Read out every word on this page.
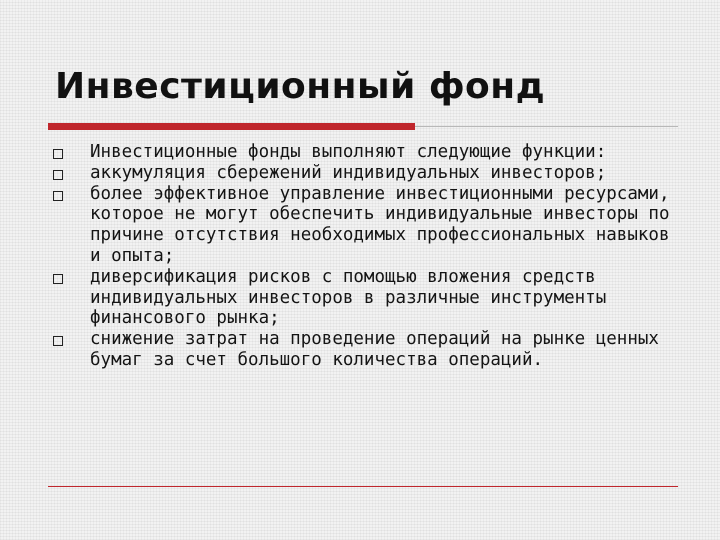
Инвестиционный фонд
Инвестиционные фонды выполняют следующие функции:
аккумуляция сбережений индивидуальных инвесторов;
более эффективное управление инвестиционными ресурсами, которое не могут обеспечить индивидуальные инвесторы по причине отсутствия необходимых профессиональных навыков и опыта;
диверсификация рисков с помощью вложения средств индивидуальных инвесторов в различные инструменты финансового рынка;
снижение затрат на проведение операций на рынке ценных бумаг за счет большого количества операций.
